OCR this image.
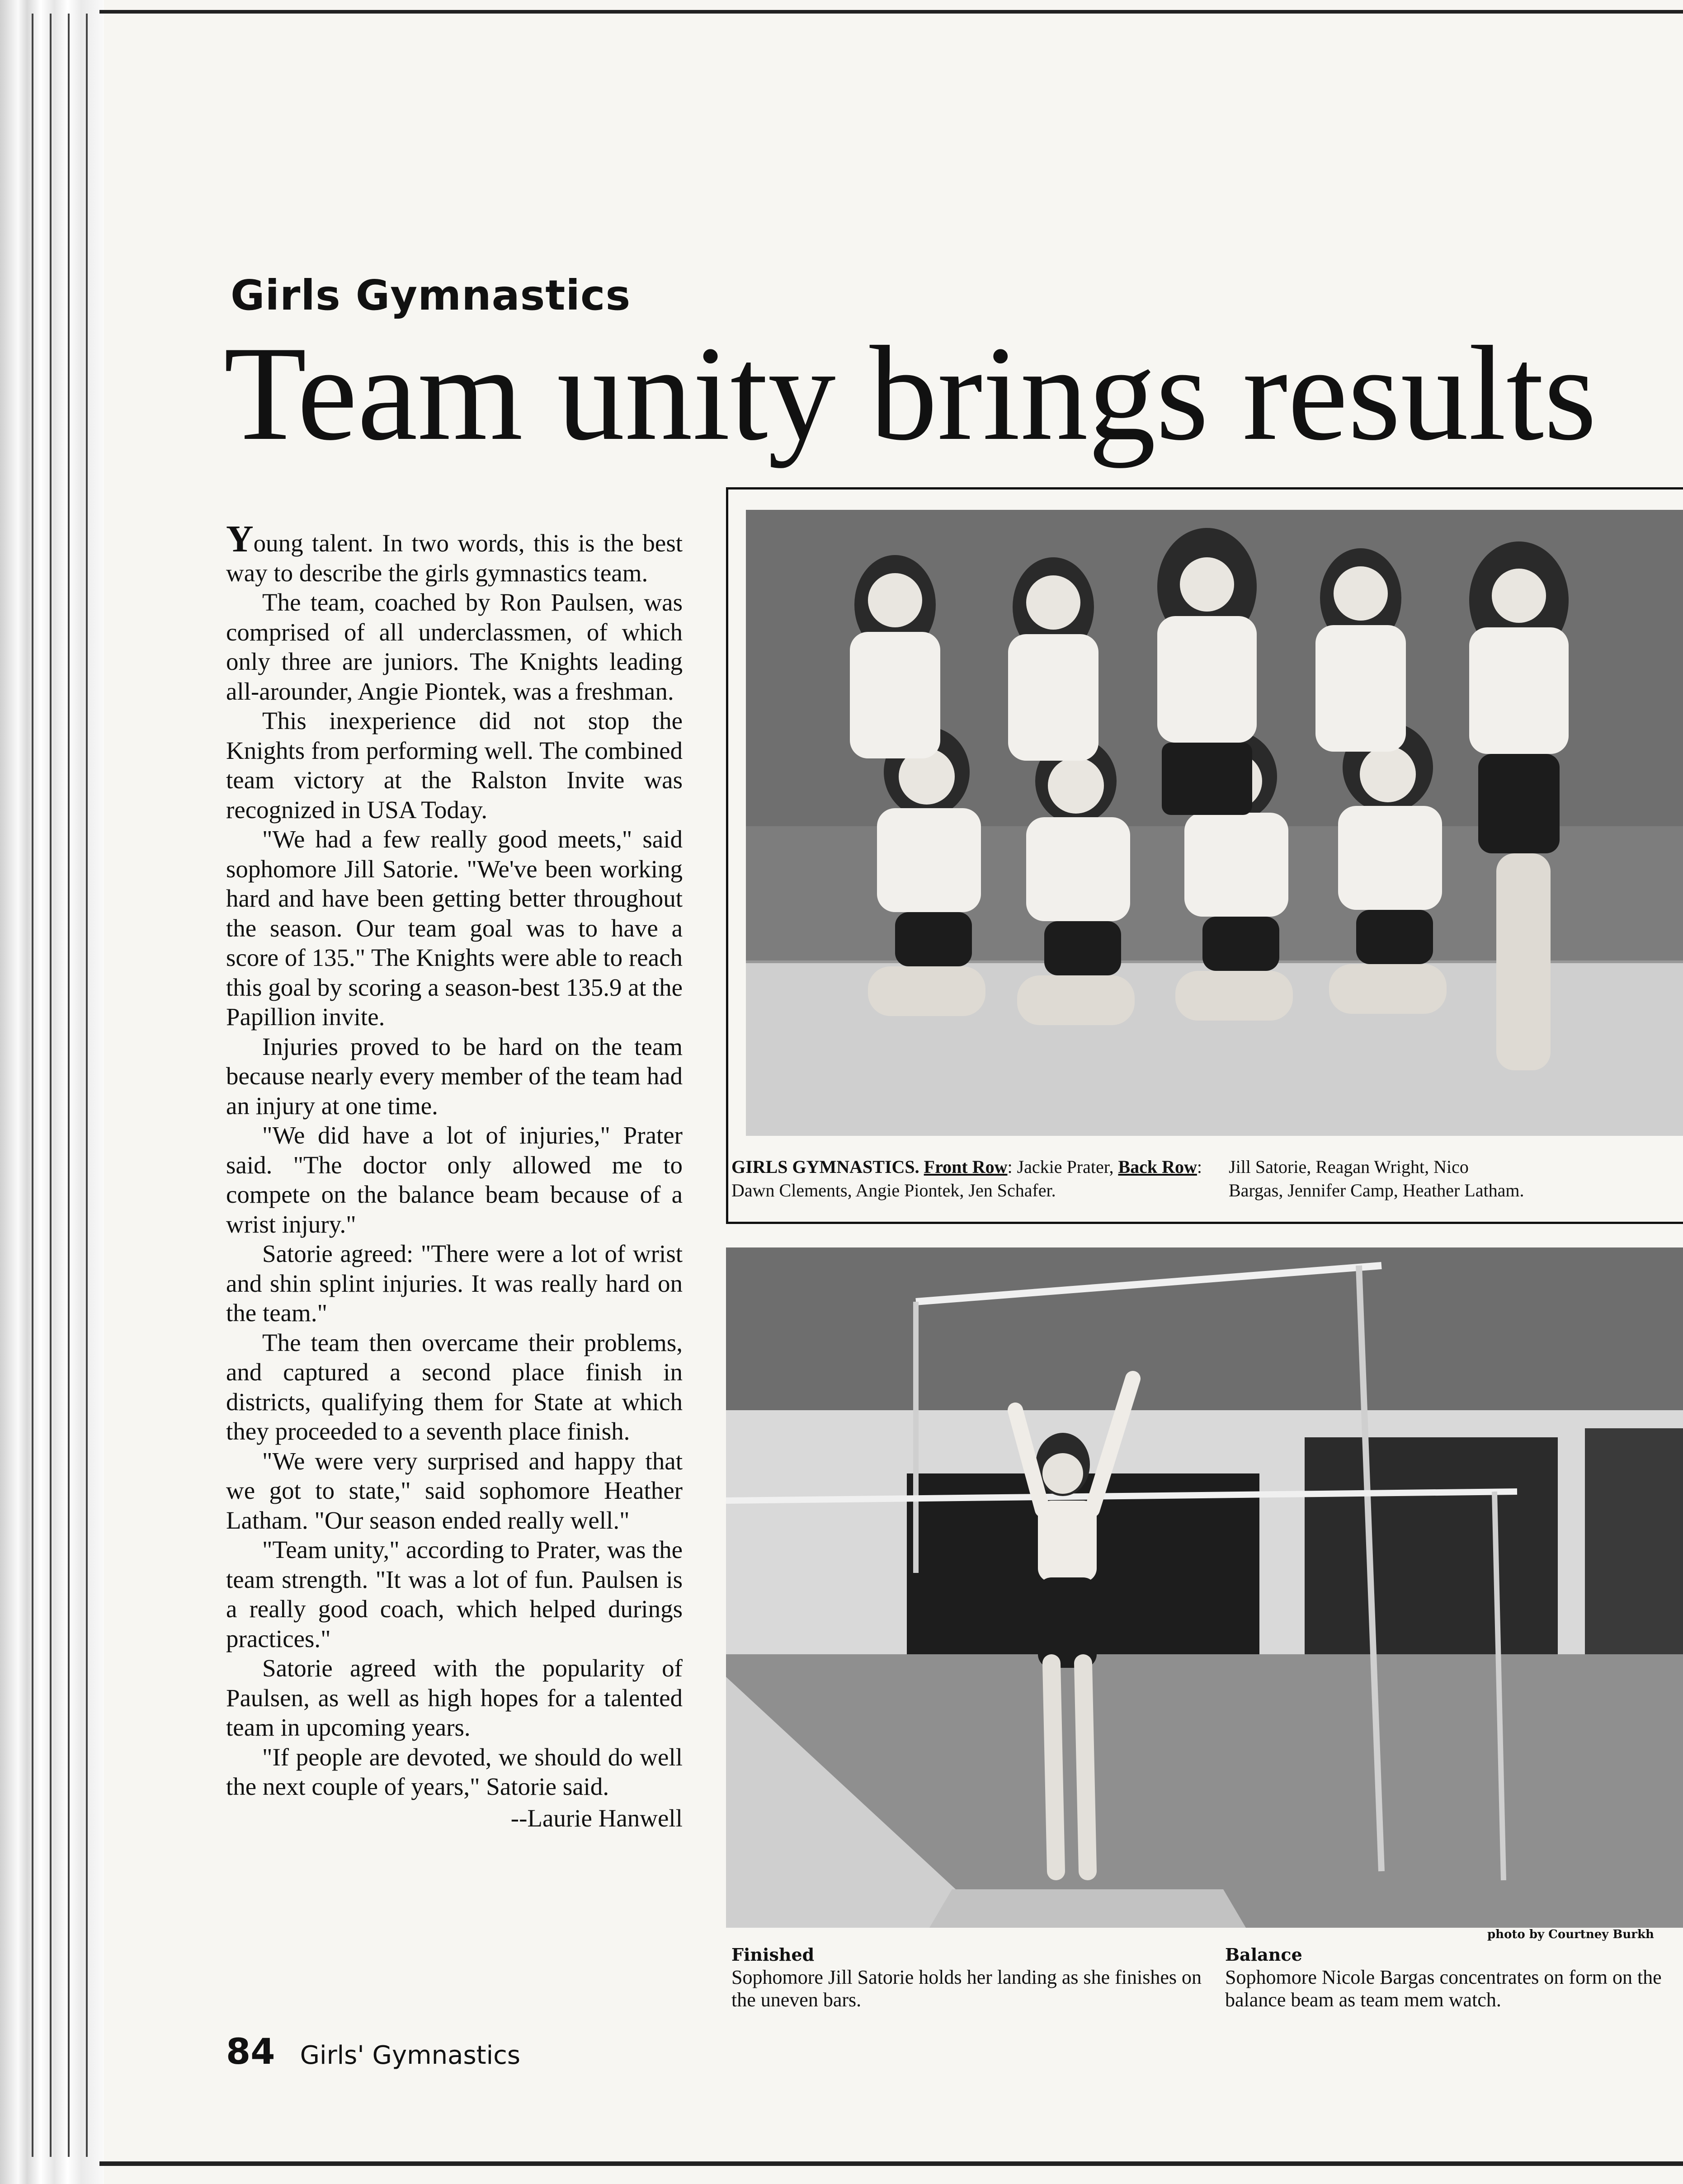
Girls Gymnastics
Team unity brings results

Young talent. In two words, this is the best way to describe the girls gymnastics team.

The team, coached by Ron Paulsen, was comprised of all underclassmen, of which only three are juniors. The Knights leading all-arounder, Angie Piontek, was a freshman.

This inexperience did not stop the Knights from performing well. The combined team victory at the Ralston Invite was recognized in USA Today.

"We had a few really good meets," said sophomore Jill Satorie. "We've been working hard and have been getting better throughout the season. Our team goal was to have a score of 135." The Knights were able to reach this goal by scoring a season-best 135.9 at the Papillion invite.

Injuries proved to be hard on the team because nearly every member of the team had an injury at one time.

"We did have a lot of injuries," Prater said. "The doctor only allowed me to compete on the balance beam because of a wrist injury."

Satorie agreed: "There were a lot of wrist and shin splint injuries. It was really hard on the team."

The team then overcame their problems, and captured a second place finish in districts, qualifying them for State at which they proceeded to a seventh place finish.

"We were very surprised and happy that we got to state," said sophomore Heather Latham. "Our season ended really well."

"Team unity," according to Prater, was the team strength. "It was a lot of fun. Paulsen is a really good coach, which helped durings practices."

Satorie agreed with the popularity of Paulsen, as well as high hopes for a talented team in upcoming years.

"If people are devoted, we should do well the next couple of years," Satorie said.

--Laurie Hanwell
84 Girls' Gymnastics
GIRLS GYMNASTICS. Front Row: Jackie Prater, Back Row:	Jill Satorie, Reagan Wright, Nico
Dawn Clements, Angie Piontek, Jen Schafer.	Bargas, Jennifer Camp, Heather Latham.
photo by Courtney Burkh
Finished
Sophomore Jill Satorie holds her landing as she finishes on the uneven bars.
Balance
Sophomore Nicole Bargas concentrates on form on the balance beam as team mem watch.
